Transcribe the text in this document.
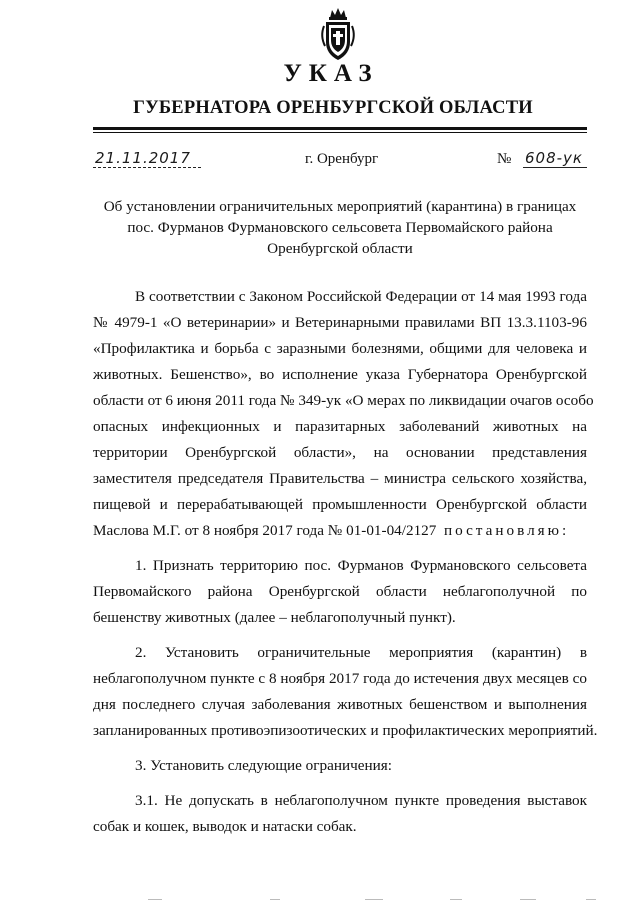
УКАЗ
ГУБЕРНАТОРА ОРЕНБУРГСКОЙ ОБЛАСТИ
21.11.2017	г. Оренбург	№ 608-ук
Об установлении ограничительных мероприятий (карантина) в границах
пос. Фурманов Фурмановского сельсовета Первомайского района
Оренбургской области
В соответствии с Законом Российской Федерации от 14 мая 1993 года
№ 4979-1 «О ветеринарии» и Ветеринарными правилами ВП 13.3.1103-96
«Профилактика и борьба с заразными болезнями, общими для человека и
животных. Бешенство», во исполнение указа Губернатора Оренбургской
области от 6 июня 2011 года № 349-ук «О мерах по ликвидации очагов особо
опасных инфекционных и паразитарных заболеваний животных на
территории Оренбургской области», на основании представления
заместителя председателя Правительства – министра сельского хозяйства,
пищевой и перерабатывающей промышленности Оренбургской области
Маслова М.Г. от 8 ноября 2017 года № 01-01-04/2127 постановляю:
1. Признать территорию пос. Фурманов Фурмановского сельсовета
Первомайского района Оренбургской области неблагополучной по
бешенству животных (далее – неблагополучный пункт).
2. Установить ограничительные мероприятия (карантин) в
неблагополучном пункте с 8 ноября 2017 года до истечения двух месяцев со
дня последнего случая заболевания животных бешенством и выполнения
запланированных противоэпизоотических и профилактических мероприятий.
3. Установить следующие ограничения:
3.1. Не допускать в неблагополучном пункте проведения выставок
собак и кошек, выводок и натаски собак.
